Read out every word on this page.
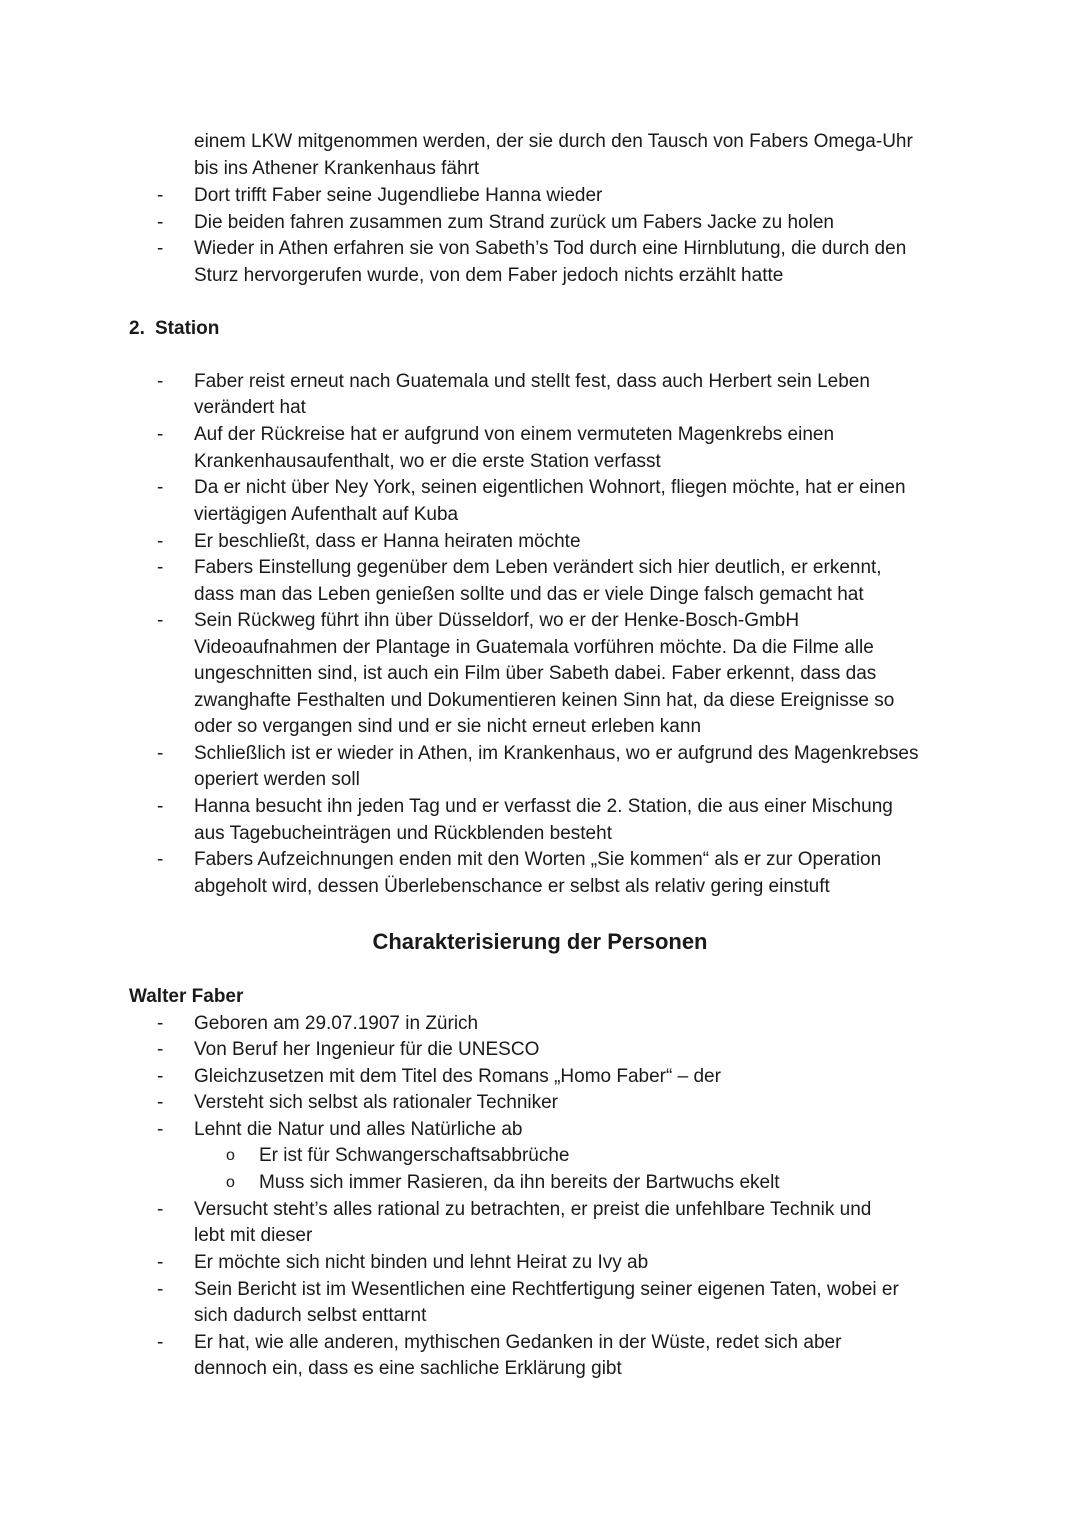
einem LKW mitgenommen werden, der sie durch den Tausch von Fabers Omega-Uhr
bis ins Athener Krankenhaus fährt
- Dort trifft Faber seine Jugendliebe Hanna wieder
- Die beiden fahren zusammen zum Strand zurück um Fabers Jacke zu holen
- Wieder in Athen erfahren sie von Sabeth’s Tod durch eine Hirnblutung, die durch den
Sturz hervorgerufen wurde, von dem Faber jedoch nichts erzählt hatte
2. Station
- Faber reist erneut nach Guatemala und stellt fest, dass auch Herbert sein Leben
verändert hat
- Auf der Rückreise hat er aufgrund von einem vermuteten Magenkrebs einen
Krankenhausaufenthalt, wo er die erste Station verfasst
- Da er nicht über Ney York, seinen eigentlichen Wohnort, fliegen möchte, hat er einen
viertägigen Aufenthalt auf Kuba
- Er beschließt, dass er Hanna heiraten möchte
- Fabers Einstellung gegenüber dem Leben verändert sich hier deutlich, er erkennt,
dass man das Leben genießen sollte und das er viele Dinge falsch gemacht hat
- Sein Rückweg führt ihn über Düsseldorf, wo er der Henke-Bosch-GmbH
Videoaufnahmen der Plantage in Guatemala vorführen möchte. Da die Filme alle
ungeschnitten sind, ist auch ein Film über Sabeth dabei. Faber erkennt, dass das
zwanghafte Festhalten und Dokumentieren keinen Sinn hat, da diese Ereignisse so
oder so vergangen sind und er sie nicht erneut erleben kann
- Schließlich ist er wieder in Athen, im Krankenhaus, wo er aufgrund des Magenkrebses
operiert werden soll
- Hanna besucht ihn jeden Tag und er verfasst die 2. Station, die aus einer Mischung
aus Tagebucheinträgen und Rückblenden besteht
- Fabers Aufzeichnungen enden mit den Worten „Sie kommen“ als er zur Operation
abgeholt wird, dessen Überlebenschance er selbst als relativ gering einstuft
Charakterisierung der Personen
Walter Faber
- Geboren am 29.07.1907 in Zürich
- Von Beruf her Ingenieur für die UNESCO
- Gleichzusetzen mit dem Titel des Romans „Homo Faber“ – der
- Versteht sich selbst als rationaler Techniker
- Lehnt die Natur und alles Natürliche ab
o Er ist für Schwangerschaftsabbrüche
o Muss sich immer Rasieren, da ihn bereits der Bartwuchs ekelt
- Versucht steht’s alles rational zu betrachten, er preist die unfehlbare Technik und
lebt mit dieser
- Er möchte sich nicht binden und lehnt Heirat zu Ivy ab
- Sein Bericht ist im Wesentlichen eine Rechtfertigung seiner eigenen Taten, wobei er
sich dadurch selbst enttarnt
- Er hat, wie alle anderen, mythischen Gedanken in der Wüste, redet sich aber
dennoch ein, dass es eine sachliche Erklärung gibt
